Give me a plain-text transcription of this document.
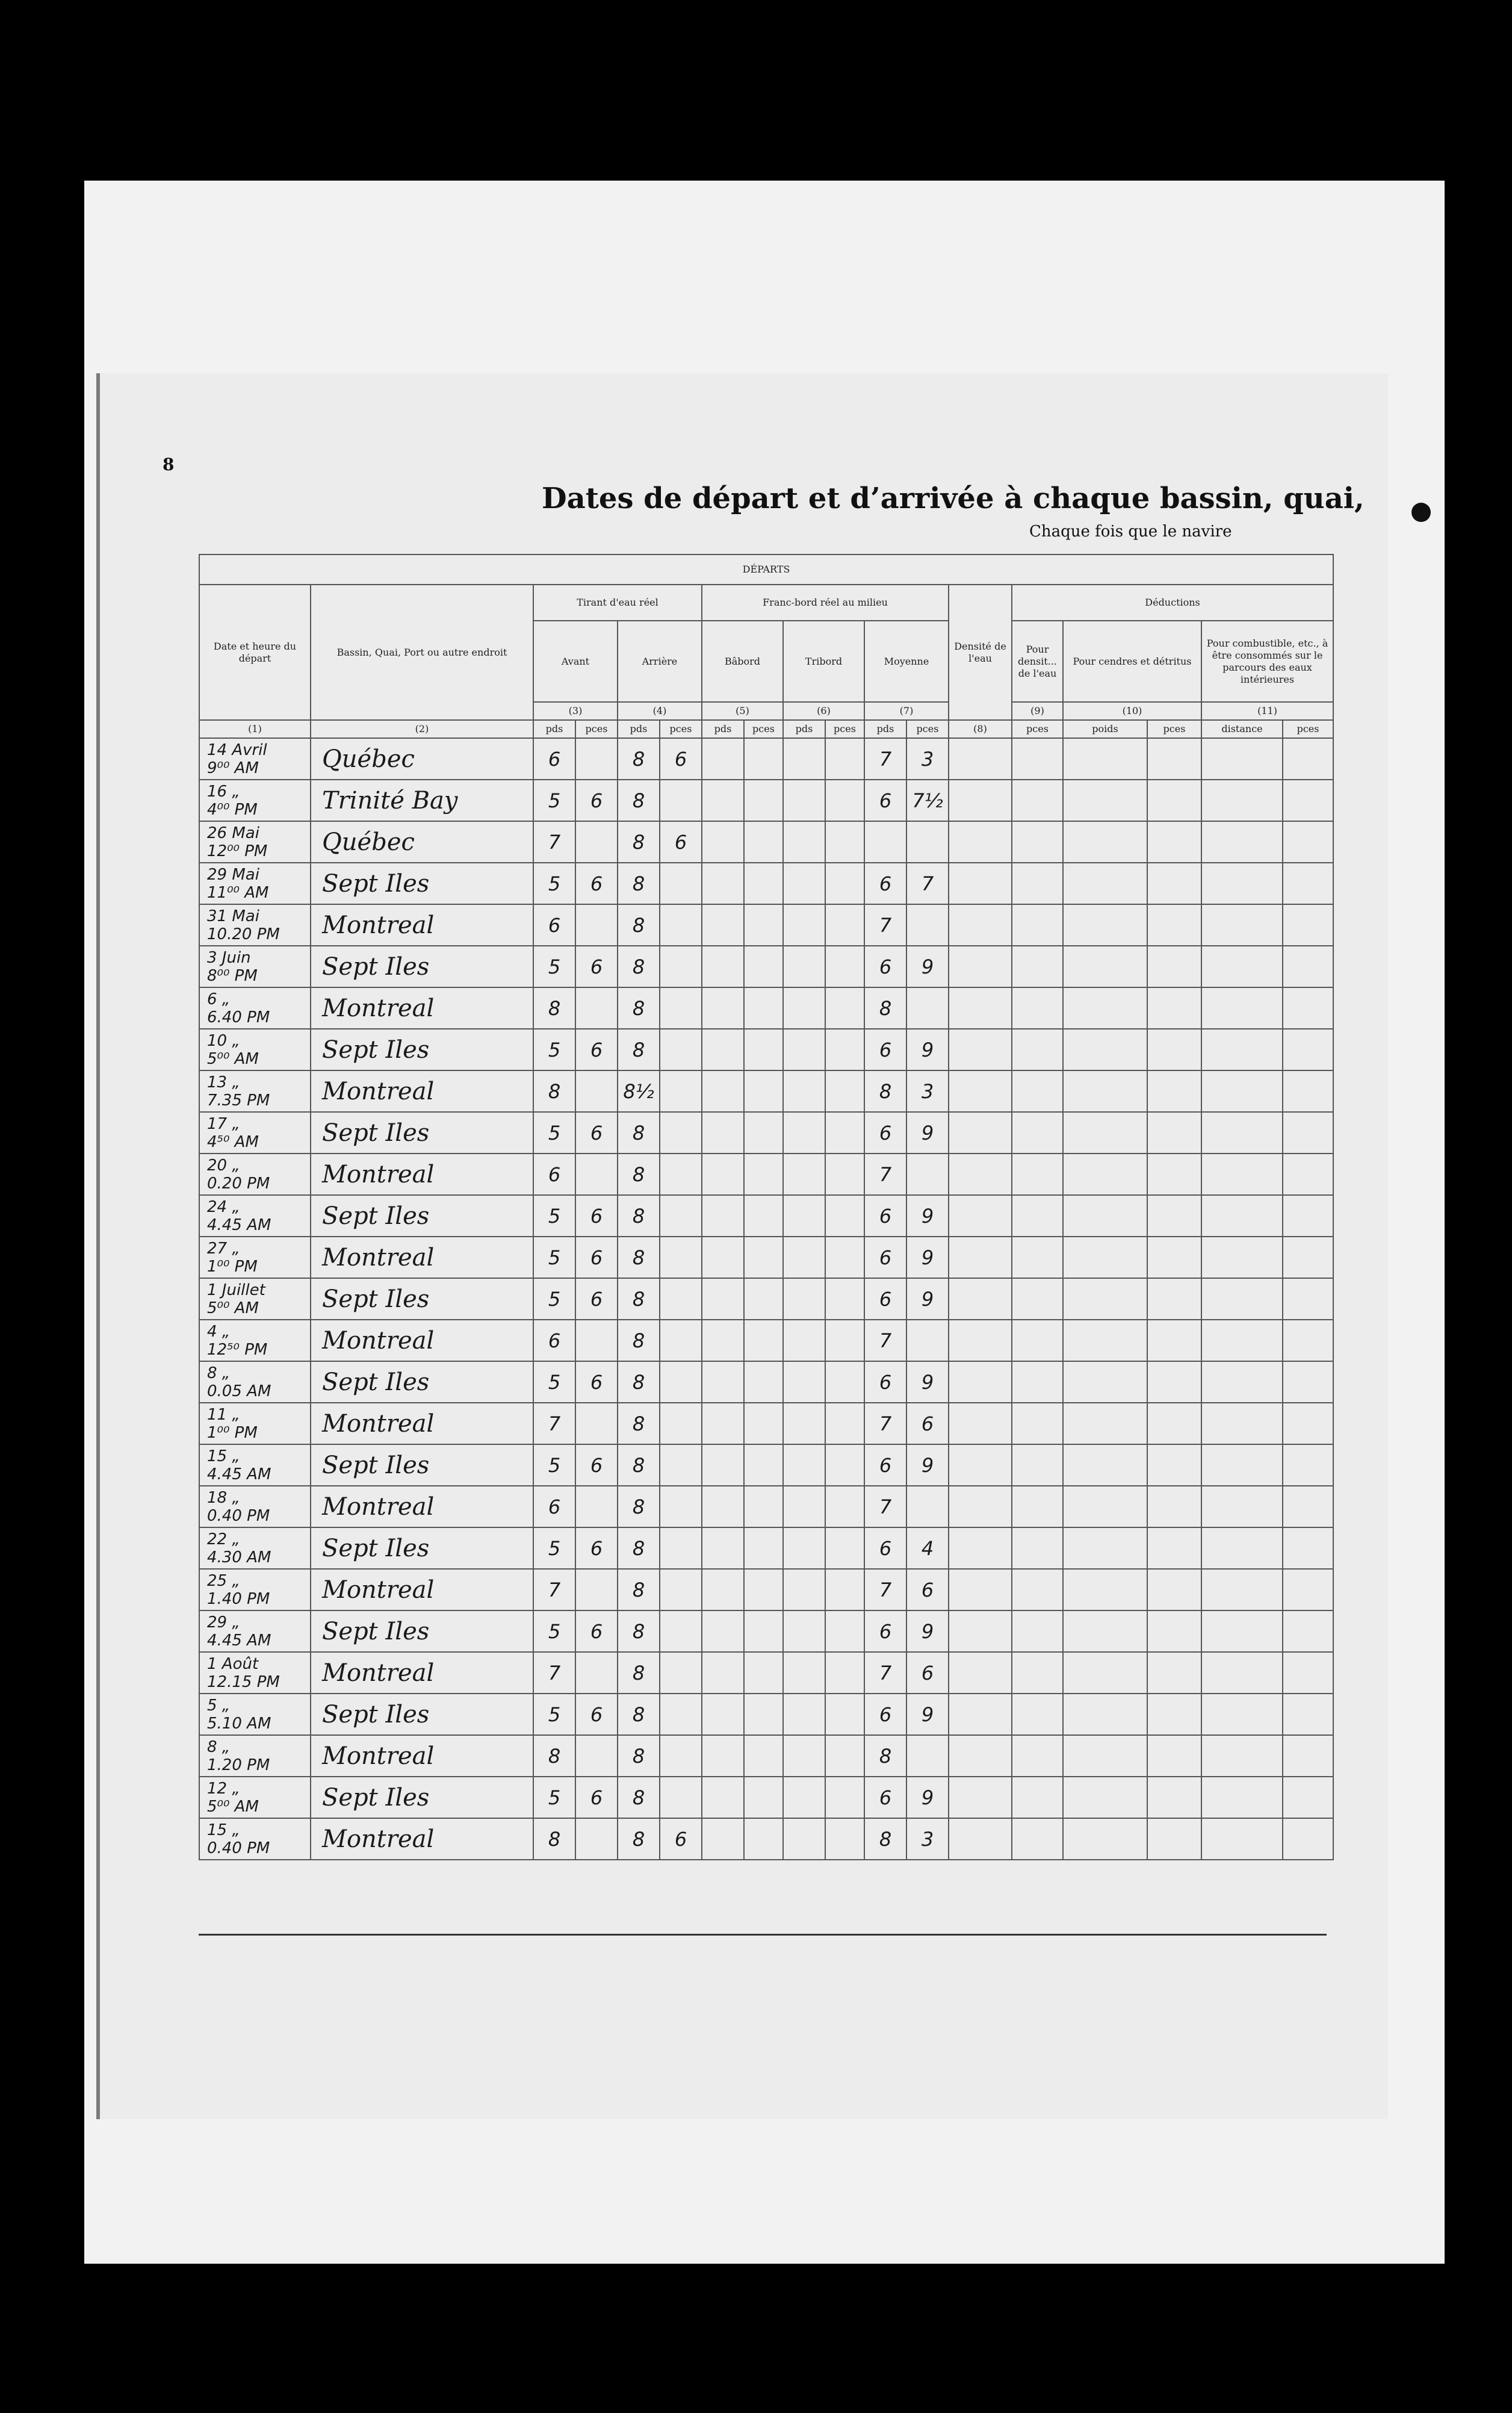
8
Dates de départ et d’arrivée à chaque bassin, quai,
Chaque fois que le navire
DÉPARTS																	
Date et heure du départ	Bassin, Quai, Port ou autre endroit	Tirant d'eau réel				Franc-bord réel au milieu						Densité de l'eau	Déductions				
		Avant		Arrière		Bâbord		Tribord		Moyenne			Pour densit... de l'eau	Pour cendres et détritus		Pour combustible, etc., à être consommés sur le parcours des eaux intérieures	
		(3)		(4)		(5)		(6)		(7)			(9)	(10)		(11)	
(1)	(2)	pds	pces	pds	pces	pds	pces	pds	pces	pds	pces	(8)	pces	poids	pces	distance	pces

14 Avril
9⁰⁰ AM	Québec	6		8	6					7	3						

16 „
4⁰⁰ PM	Trinité Bay	5	6	8						6	7½						

26 Mai
12⁰⁰ PM	Québec	7		8	6												

29 Mai
11⁰⁰ AM	Sept Iles	5	6	8						6	7						

31 Mai
10.20 PM	Montreal	6		8						7							

3 Juin
8⁰⁰ PM	Sept Iles	5	6	8						6	9						

6 „
6.40 PM	Montreal	8		8						8							

10 „
5⁰⁰ AM	Sept Iles	5	6	8						6	9						

13 „
7.35 PM	Montreal	8		8½						8	3						

17 „
4⁵⁰ AM	Sept Iles	5	6	8						6	9						

20 „
0.20 PM	Montreal	6		8						7							

24 „
4.45 AM	Sept Iles	5	6	8						6	9						

27 „
1⁰⁰ PM	Montreal	5	6	8						6	9						

1 Juillet
5⁰⁰ AM	Sept Iles	5	6	8						6	9						

4 „
12⁵⁰ PM	Montreal	6		8						7							

8 „
0.05 AM	Sept Iles	5	6	8						6	9						

11 „
1⁰⁰ PM	Montreal	7		8						7	6						

15 „
4.45 AM	Sept Iles	5	6	8						6	9						

18 „
0.40 PM	Montreal	6		8						7							

22 „
4.30 AM	Sept Iles	5	6	8						6	4						

25 „
1.40 PM	Montreal	7		8						7	6						

29 „
4.45 AM	Sept Iles	5	6	8						6	9						

1 Août
12.15 PM	Montreal	7		8						7	6						

5 „
5.10 AM	Sept Iles	5	6	8						6	9						

8 „
1.20 PM	Montreal	8		8						8							

12 „
5⁰⁰ AM	Sept Iles	5	6	8						6	9						

15 „
0.40 PM	Montreal	8		8	6					8	3						
